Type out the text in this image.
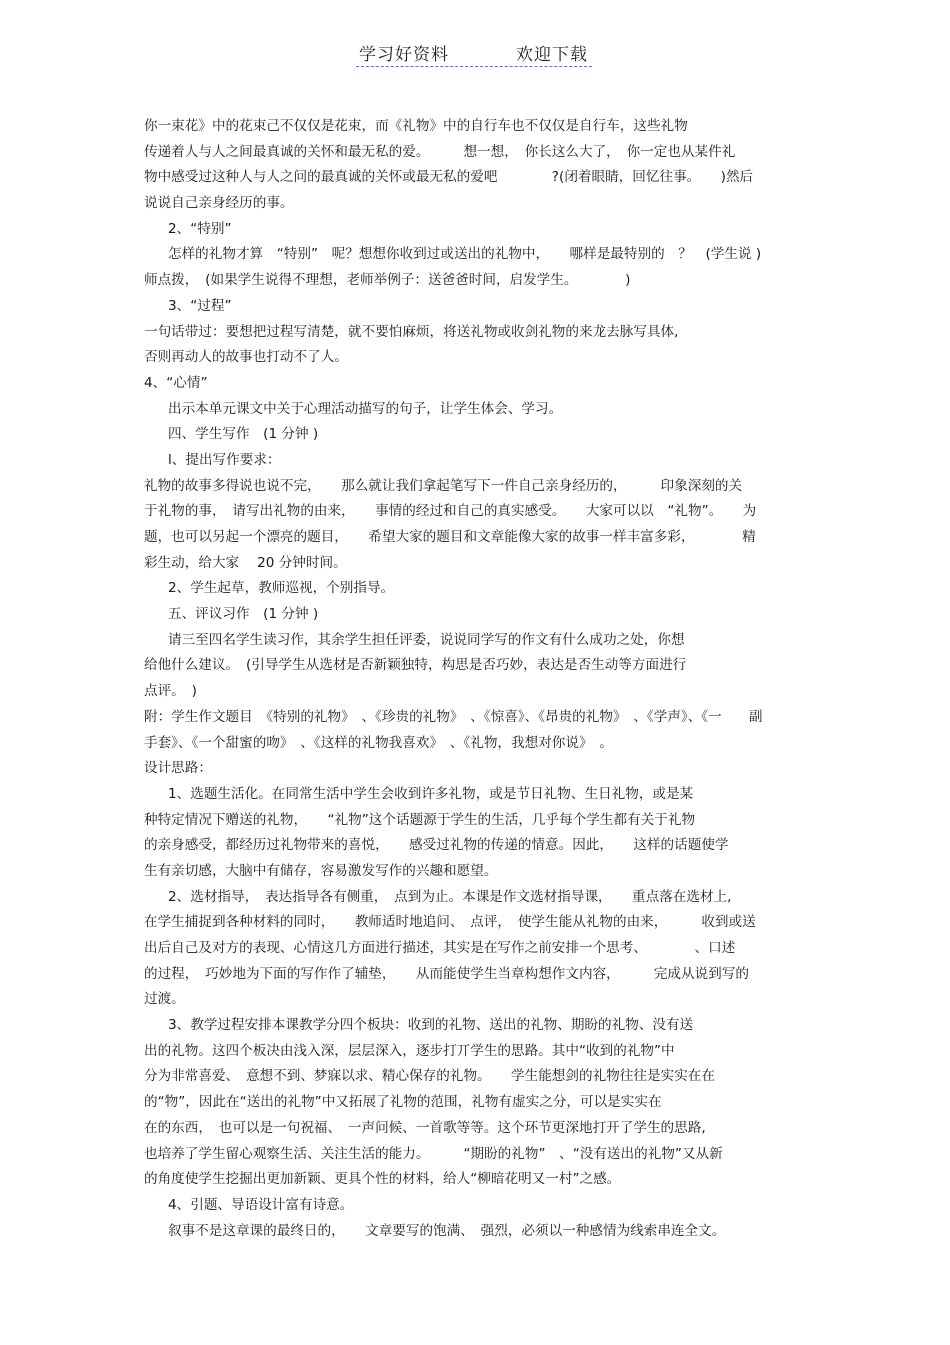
学习好资料	欢迎下载
你一束花》中的花束己不仅仅是花束，而《礼物》中的自行车也不仅仅是自行车，这些礼物
传递着人与人之间最真诚的关怀和最无私的爱。　　　想一想，　你长这么大了，　你一定也从某件礼
物中感受过这种人与人之问的最真诚的关怀或最无私的爱吧　　　　?(闭着眼睛，回忆往事。　　)然后
说说自己亲身经历的事。
2、“特别”
怎样的礼物才算　“特别”　呢？想想你收到过或送出的礼物中，　　哪样是最特别的　？　(学生说 )
师点拨，　(如果学生说得不理想，老师举例子：送爸爸时间，启发学生。　　　　)
3、“过程”
一句话带过：要想把过程写清楚，就不要怕麻烦，将送礼物或收剑礼物的来龙去脉写具体,
否则再动人的故事也打动不了人。
4、“心情”
出示本单元课文中关于心理活动描写的句子，让学生体会、学习。
四、学生写作　(1 分钟 )
l、提出写作要求：
礼物的故事多得说也说不完，　　那么就让我们拿起笔写下一件自己亲身经历的，　　　印象深刻的关
于礼物的事，　请写出礼物的由来，　　事情的经过和自己的真实感受。　　大家可以以　“礼物”。　　为
题，也可以另起一个漂亮的题目，　　希望大家的题目和文章能像大家的故事一样丰富多彩，　　　　精
彩生动，给大家　 20 分钟时间。
2、学生起草，教师巡视，个别指导。
五、评议习作　(1 分钟 )
请三至四名学生读习作，其余学生担任评委，说说同学写的作文有什么成功之处，你想
给他什么建议。　(引导学生从选材是否新颖独特，构思是否巧妙，表达是否生动等方面进行
点评。　)
附：学生作文题目　《特别的礼物》　、《珍贵的礼物》　、《惊喜》、《昂贵的礼物》　、《学声》、《一　　副
手套》、《一个甜蜜的吻》　、《这样的礼物我喜欢》　、《礼物，我想对你说》　。
设计思路：
1、选题生活化。在同常生活中学生会收到许多礼物，或是节日礼物、生日礼物，或是某
种特定情况下赠送的礼物，　　“礼物”这个话题源于学生的生活，几乎每个学生都有关于礼物
的亲身感受，都经历过礼物带来的喜悦，　　感受过礼物的传递的情意。因此，　　这样的话题使学
生有亲切感，大脑中有储存，容易激发写作的兴趣和愿望。
2、选材指导，　表达指导各有侧重，　点到为止。本课是作文选材指导课，　　重点落在选材上,
在学生捕捉到各种材料的同时，　　教师适时地追问、　点评，　使学生能从礼物的由来，　　　收到或送
出后自己及对方的表现、心情这几方面进行描述，其实是在写作之前安排一个思考、　　　　、口述
的过程，　巧妙地为下面的写作作了辅垫，　　从而能使学生当章构想作文内容，　　　完成从说到写的
过渡。
3、教学过程安排本课教学分四个板块：收到的礼物、送出的礼物、期盼的礼物、没有送
出的礼物。这四个板决由浅入深，层层深入，逐步打丌学生的思路。其中“收到的礼物”中
分为非常喜爱、　意想不到、梦寐以求、精心保存的礼物。　　学生能想剑的礼物往往是实实在在
的“物”，因此在“送出的礼物”中又拓展了礼物的范围，礼物有虚实之分，可以是实实在
在的东西，　也可以是一句祝福、　一声问候、一首歌等等。这个环节更深地打开了学生的思路,
也培养了学生留心观察生活、关注生活的能力。　　　“期盼的礼物”　、“没有送出的礼物”又从新
的角度使学生挖掘出更加新颖、更具个性的材料，给人“柳暗花明又一村”之感。
4、引题、导语设计富有诗意。
叙事不是这章课的最终日的，　　文章要写的饱满、　强烈，必须以一种感情为线索串连全文。
